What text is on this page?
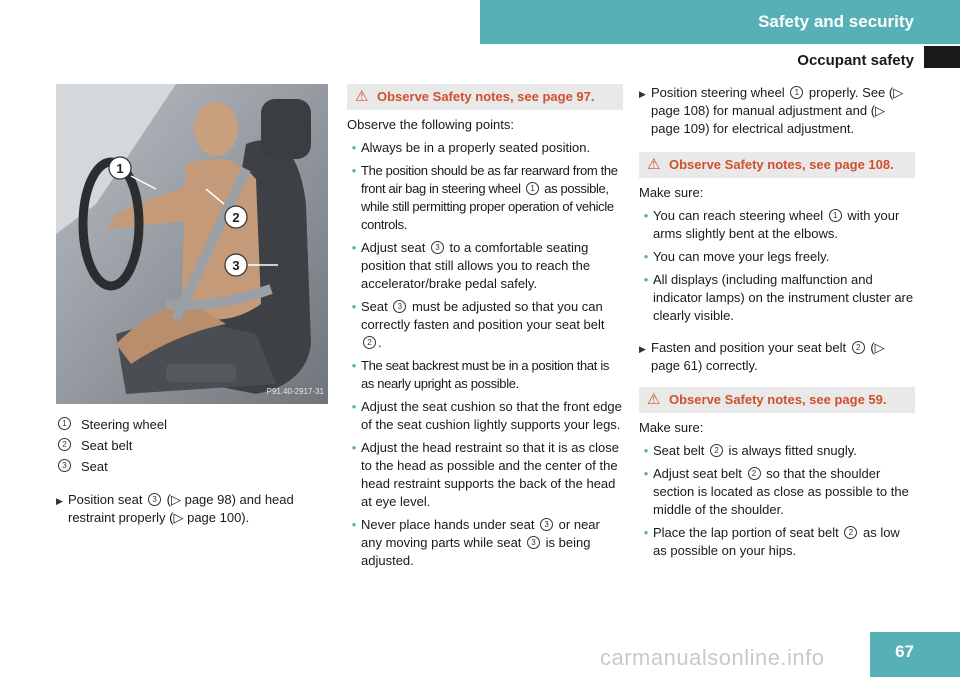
Safety and security
Occupant safety
1
2
3
P91.40-2917-31
1	Steering wheel
2	Seat belt
3	Seat
▶ Position seat 3 (▷ page 98) and head restraint properly (▷ page 100).
⚠ Observe Safety notes, see page 97.
Observe the following points:
• Always be in a properly seated position.
• The position should be as far rearward from the front air bag in steering wheel 1 as possible, while still permitting proper operation of vehicle controls.
• Adjust seat 3 to a comfortable seating position that still allows you to reach the accelerator/brake pedal safely.
• Seat 3 must be adjusted so that you can correctly fasten and position your seat belt 2 .
• The seat backrest must be in a position that is as nearly upright as possible.
• Adjust the seat cushion so that the front edge of the seat cushion lightly supports your legs.
• Adjust the head restraint so that it is as close to the head as possible and the center of the head restraint supports the back of the head at eye level.
• Never place hands under seat 3 or near any moving parts while seat 3 is being adjusted.
▶ Position steering wheel 1 properly. See (▷ page 108) for manual adjustment and (▷ page 109) for electrical adjustment.
⚠ Observe Safety notes, see page 108.
Make sure:
• You can reach steering wheel 1 with your arms slightly bent at the elbows.
• You can move your legs freely.
• All displays (including malfunction and indicator lamps) on the instrument cluster are clearly visible.
▶ Fasten and position your seat belt 2 (▷ page 61) correctly.
⚠ Observe Safety notes, see page 59.
Make sure:
• Seat belt 2 is always fitted snugly.
• Adjust seat belt 2 so that the shoulder section is located as close as possible to the middle of the shoulder.
• Place the lap portion of seat belt 2 as low as possible on your hips.
carmanualsonline.info	67
